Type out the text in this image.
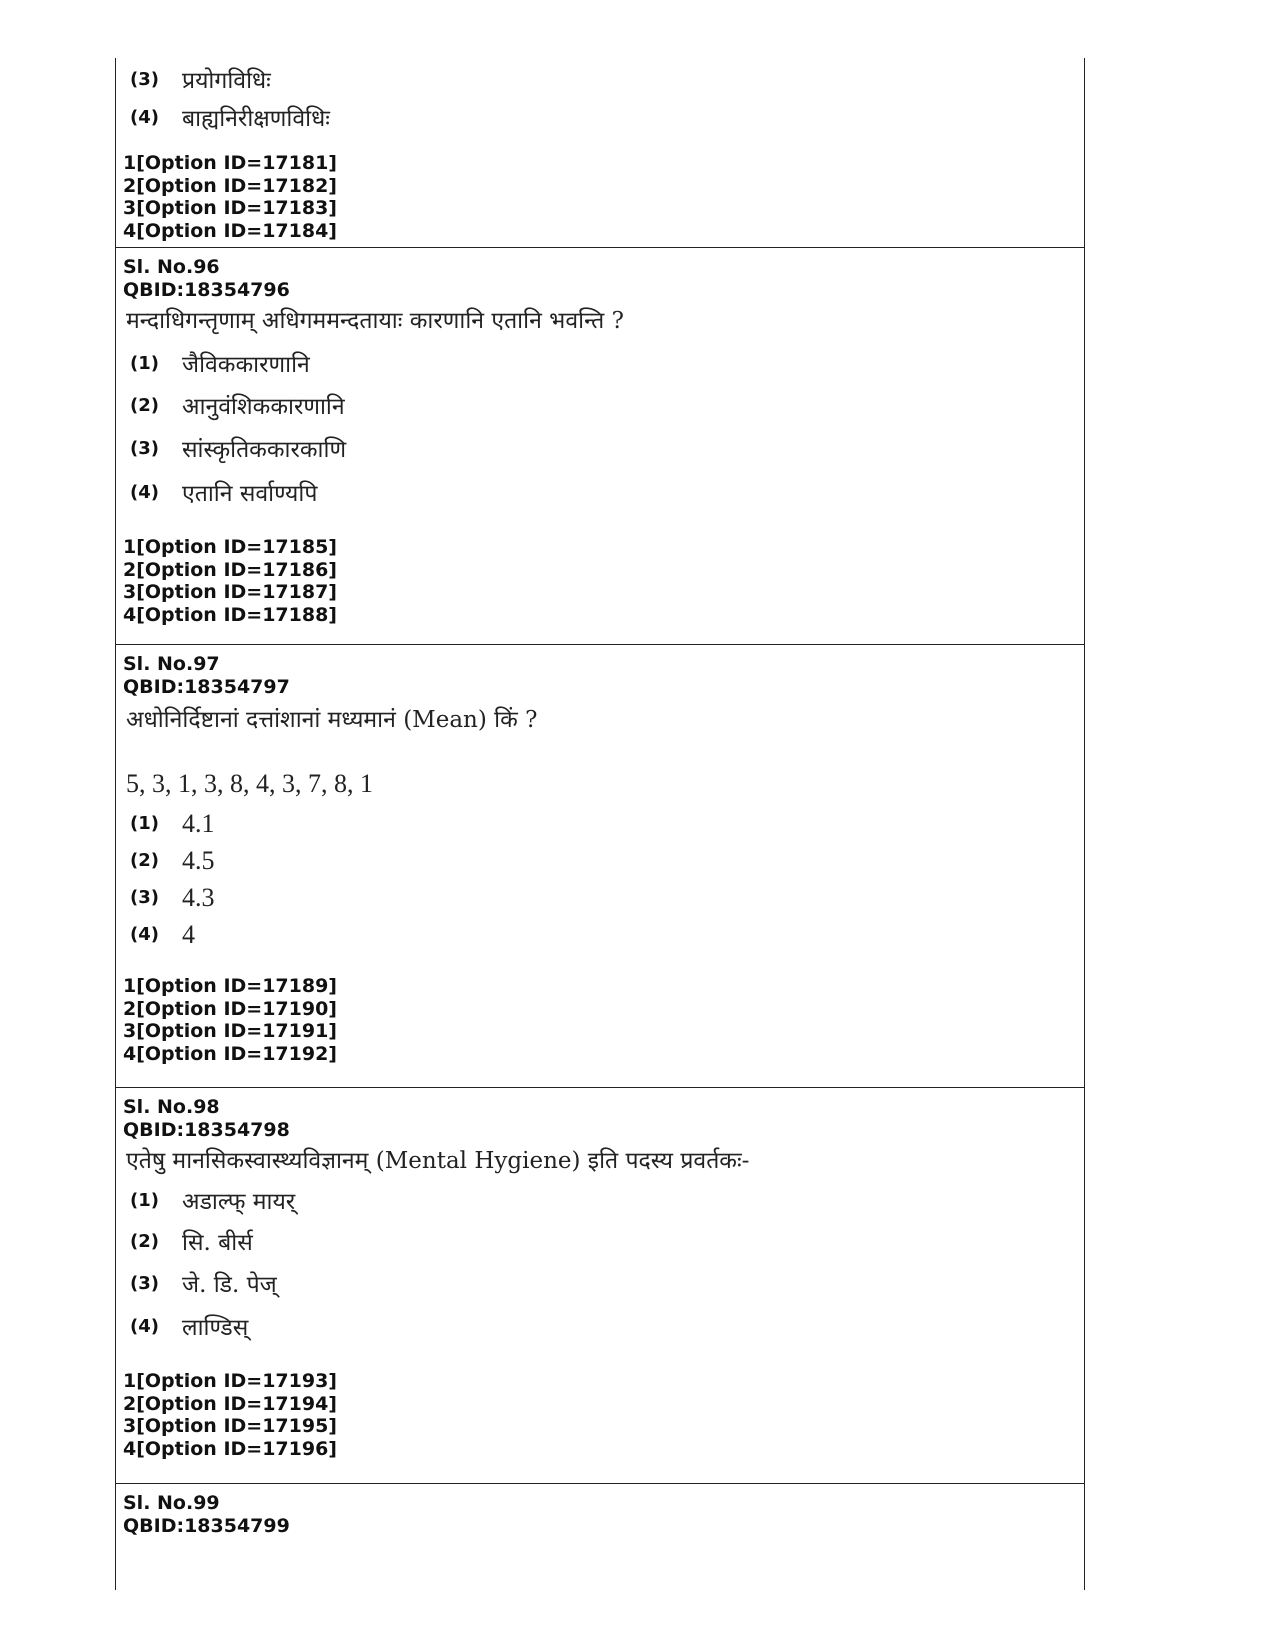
(3)	प्रयोगविधिः
(4)	बाह्यनिरीक्षणविधिः
1[Option ID=17181]
2[Option ID=17182]
3[Option ID=17183]
4[Option ID=17184]
Sl. No.96
QBID:18354796
मन्दाधिगन्तृणाम् अधिगममन्दतायाः कारणानि एतानि भवन्ति ?
(1)	जैविककारणानि
(2)	आनुवंशिककारणानि
(3)	सांस्कृतिककारकाणि
(4)	एतानि सर्वाण्यपि
1[Option ID=17185]
2[Option ID=17186]
3[Option ID=17187]
4[Option ID=17188]
Sl. No.97
QBID:18354797
अधोनिर्दिष्टानां दत्तांशानां मध्यमानं (Mean) किं ?
5, 3, 1, 3, 8, 4, 3, 7, 8, 1
(1) 4.1
(2) 4.5
(3) 4.3
(4) 4
1[Option ID=17189]
2[Option ID=17190]
3[Option ID=17191]
4[Option ID=17192]
Sl. No.98
QBID:18354798
एतेषु मानसिकस्वास्थ्यविज्ञानम् (Mental Hygiene) इति पदस्य प्रवर्तकः-
(1)	अडाल्फ् मायर्
(2)	सि. बीर्स
(3)	जे. डि. पेज्
(4)	लाण्डिस्
1[Option ID=17193]
2[Option ID=17194]
3[Option ID=17195]
4[Option ID=17196]
Sl. No.99
QBID:18354799
